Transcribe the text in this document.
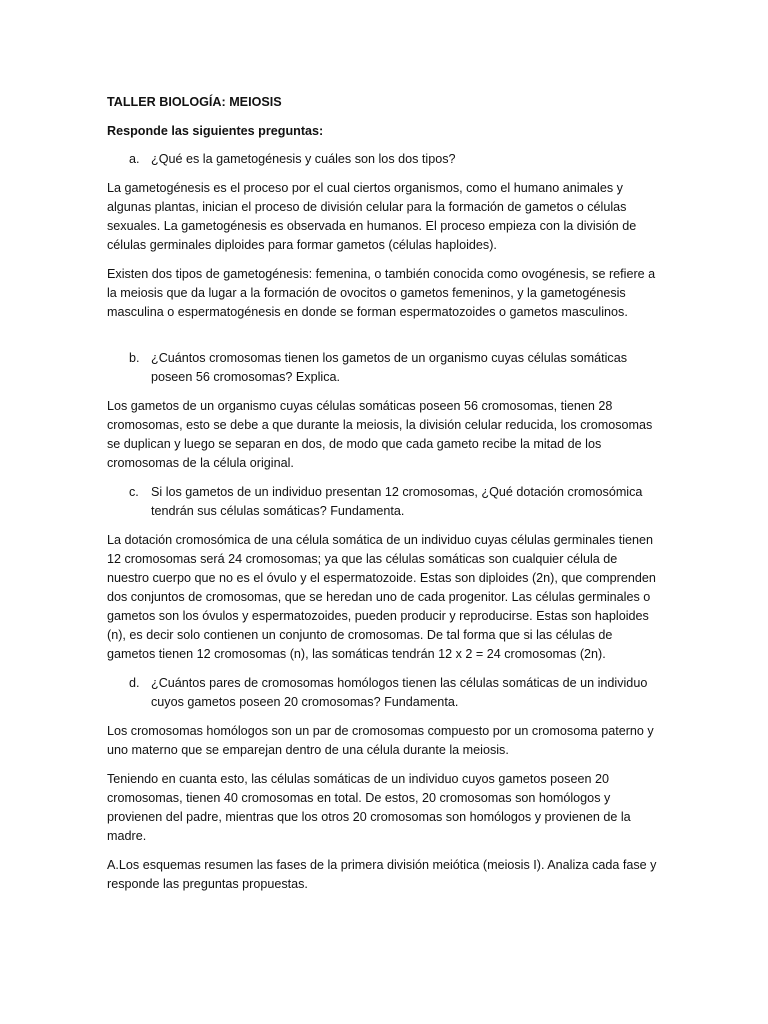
TALLER BIOLOGÍA: MEIOSIS
Responde las siguientes preguntas:
a. ¿Qué es la gametogénesis y cuáles son los dos tipos?
La gametogénesis es el proceso por el cual ciertos organismos, como el humano animales y algunas plantas, inician el proceso de división celular para la formación de gametos o células sexuales. La gametogénesis es observada en humanos. El proceso empieza con la división de células germinales diploides para formar gametos (células haploides).
Existen dos tipos de gametogénesis: femenina, o también conocida como ovogénesis, se refiere a la meiosis que da lugar a la formación de ovocitos o gametos femeninos, y la gametogénesis masculina o espermatogénesis en donde se forman espermatozoides o gametos masculinos.
b. ¿Cuántos cromosomas tienen los gametos de un organismo cuyas células somáticas poseen 56 cromosomas? Explica.
Los gametos de un organismo cuyas células somáticas poseen 56 cromosomas, tienen 28 cromosomas, esto se debe a que durante la meiosis, la división celular reducida, los cromosomas se duplican y luego se separan en dos, de modo que cada gameto recibe la mitad de los cromosomas de la célula original.
c. Si los gametos de un individuo presentan 12 cromosomas, ¿Qué dotación cromosómica tendrán sus células somáticas? Fundamenta.
La dotación cromosómica de una célula somática de un individuo cuyas células germinales tienen 12 cromosomas será 24 cromosomas; ya que las células somáticas son cualquier célula de nuestro cuerpo que no es el óvulo y el espermatozoide. Estas son diploides (2n), que comprenden dos conjuntos de cromosomas, que se heredan uno de cada progenitor. Las células germinales o gametos son los óvulos y espermatozoides, pueden producir y reproducirse. Estas son haploides (n), es decir solo contienen un conjunto de cromosomas. De tal forma que si las células de gametos tienen 12 cromosomas (n), las somáticas tendrán 12 x 2 = 24 cromosomas (2n).
d. ¿Cuántos pares de cromosomas homólogos tienen las células somáticas de un individuo cuyos gametos poseen 20 cromosomas? Fundamenta.
Los cromosomas homólogos son un par de cromosomas compuesto por un cromosoma paterno y uno materno que se emparejan dentro de una célula durante la meiosis.
Teniendo en cuanta esto, las células somáticas de un individuo cuyos gametos poseen 20 cromosomas, tienen 40 cromosomas en total. De estos, 20 cromosomas son homólogos y provienen del padre, mientras que los otros 20 cromosomas son homólogos y provienen de la madre.
A.Los esquemas resumen las fases de la primera división meiótica (meiosis I). Analiza cada fase y responde las preguntas propuestas.
